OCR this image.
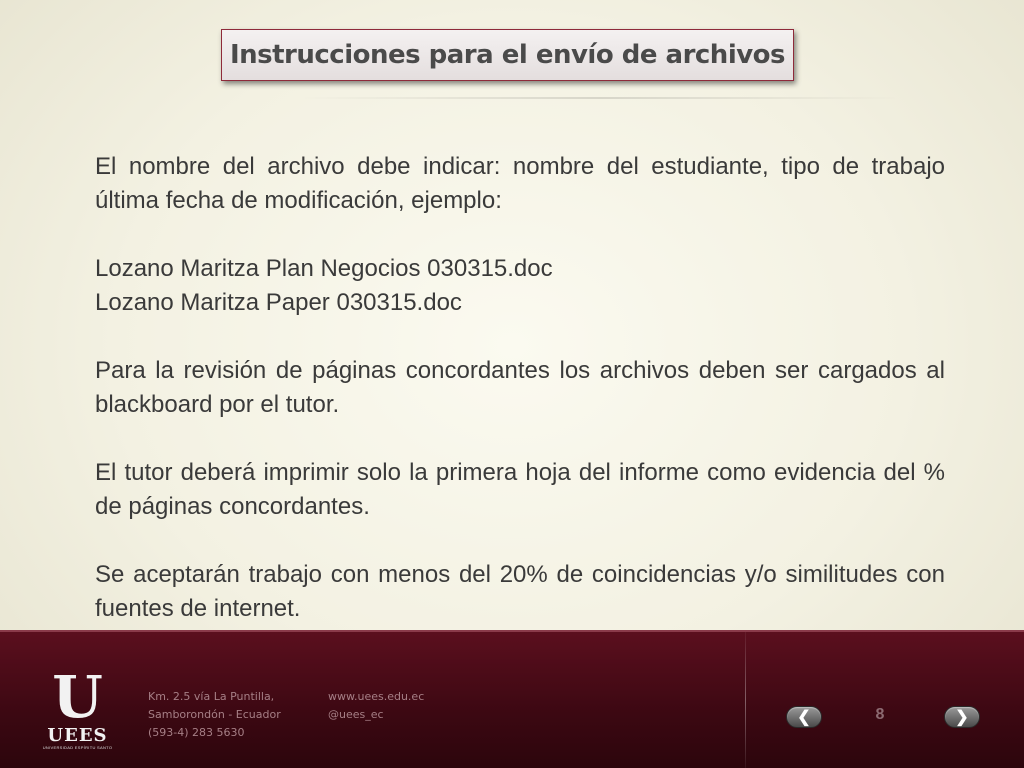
Instrucciones para el envío de archivos

El nombre del archivo debe indicar: nombre del estudiante, tipo de trabajo última fecha de modificación, ejemplo:

Lozano Maritza Plan Negocios 030315.doc

Lozano Maritza Paper 030315.doc

Para la revisión de páginas concordantes los archivos deben ser cargados al blackboard por el tutor.

El tutor deberá imprimir solo la primera hoja del informe como evidencia del % de páginas concordantes.

Se aceptarán trabajo con menos del 20% de coincidencias y/o similitudes con fuentes de internet.

U
UEES
UNIVERSIDAD ESPÍRITU SANTO
Km. 2.5 vía La Puntilla,
Samborondón - Ecuador
(593-4) 283 5630
www.uees.edu.ec
@uees_ec	❮	8	❯
